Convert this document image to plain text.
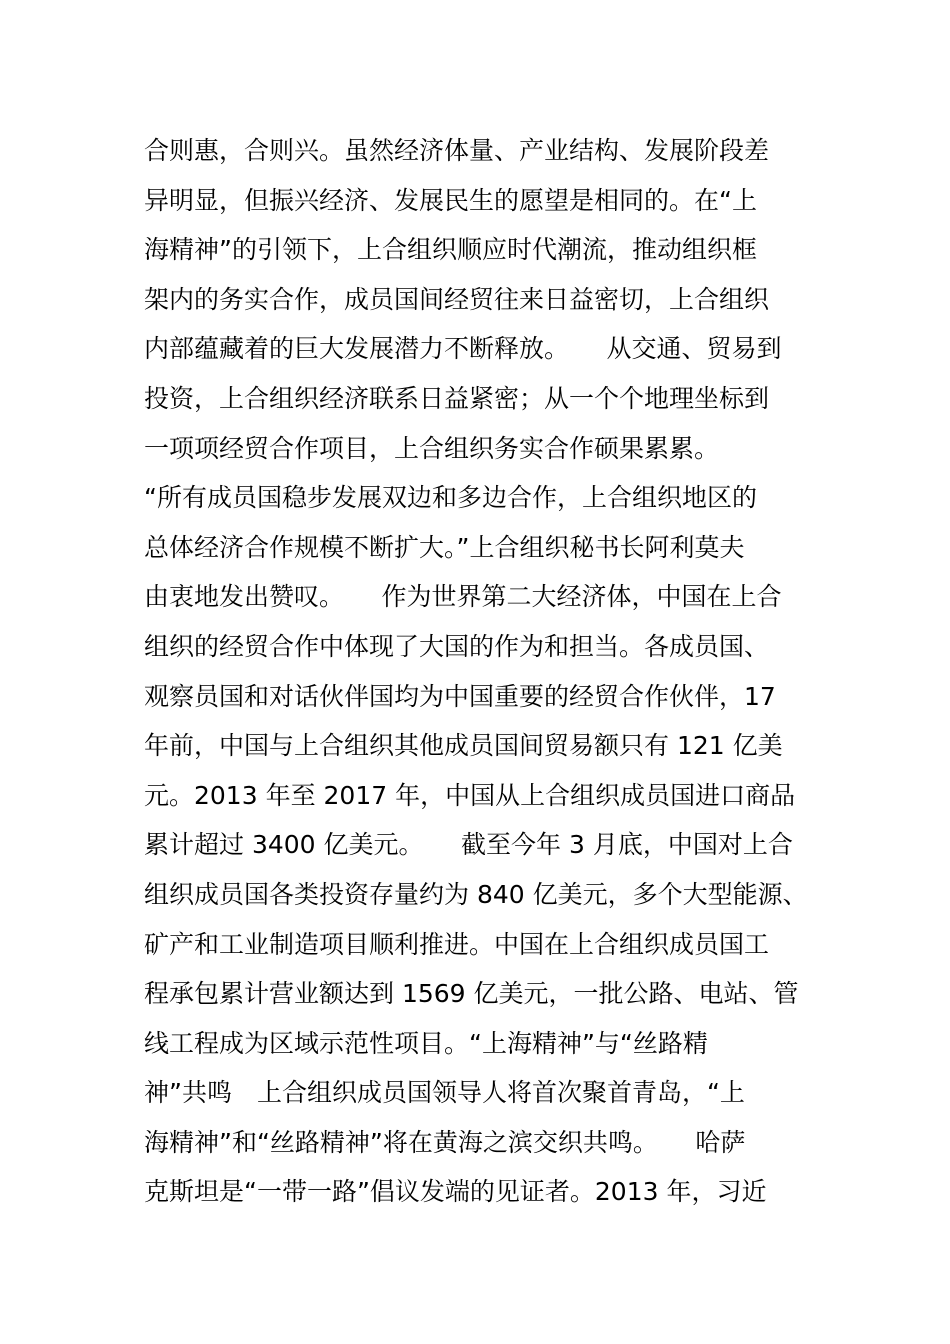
合则惠，合则兴。虽然经济体量、产业结构、发展阶段差
异明显，但振兴经济、发展民生的愿望是相同的。在“上
海精神”的引领下，上合组织顺应时代潮流，推动组织框
架内的务实合作，成员国间经贸往来日益密切，上合组织
内部蕴藏着的巨大发展潜力不断释放。　　从交通、贸易到
投资，上合组织经济联系日益紧密；从一个个地理坐标到
一项项经贸合作项目，上合组织务实合作硕果累累。
“所有成员国稳步发展双边和多边合作，上合组织地区的
总体经济合作规模不断扩大。”上合组织秘书长阿利莫夫
由衷地发出赞叹。　　作为世界第二大经济体，中国在上合
组织的经贸合作中体现了大国的作为和担当。各成员国、
观察员国和对话伙伴国均为中国重要的经贸合作伙伴，17
年前，中国与上合组织其他成员国间贸易额只有 121 亿美
元。2013 年至 2017 年，中国从上合组织成员国进口商品
累计超过 3400 亿美元。　　截至今年 3 月底，中国对上合
组织成员国各类投资存量约为 840 亿美元，多个大型能源、
矿产和工业制造项目顺利推进。中国在上合组织成员国工
程承包累计营业额达到 1569 亿美元，一批公路、电站、管
线工程成为区域示范性项目。“上海精神”与“丝路精
神”共鸣　上合组织成员国领导人将首次聚首青岛，“上
海精神”和“丝路精神”将在黄海之滨交织共鸣。　　哈萨
克斯坦是“一带一路”倡议发端的见证者。2013 年，习近
